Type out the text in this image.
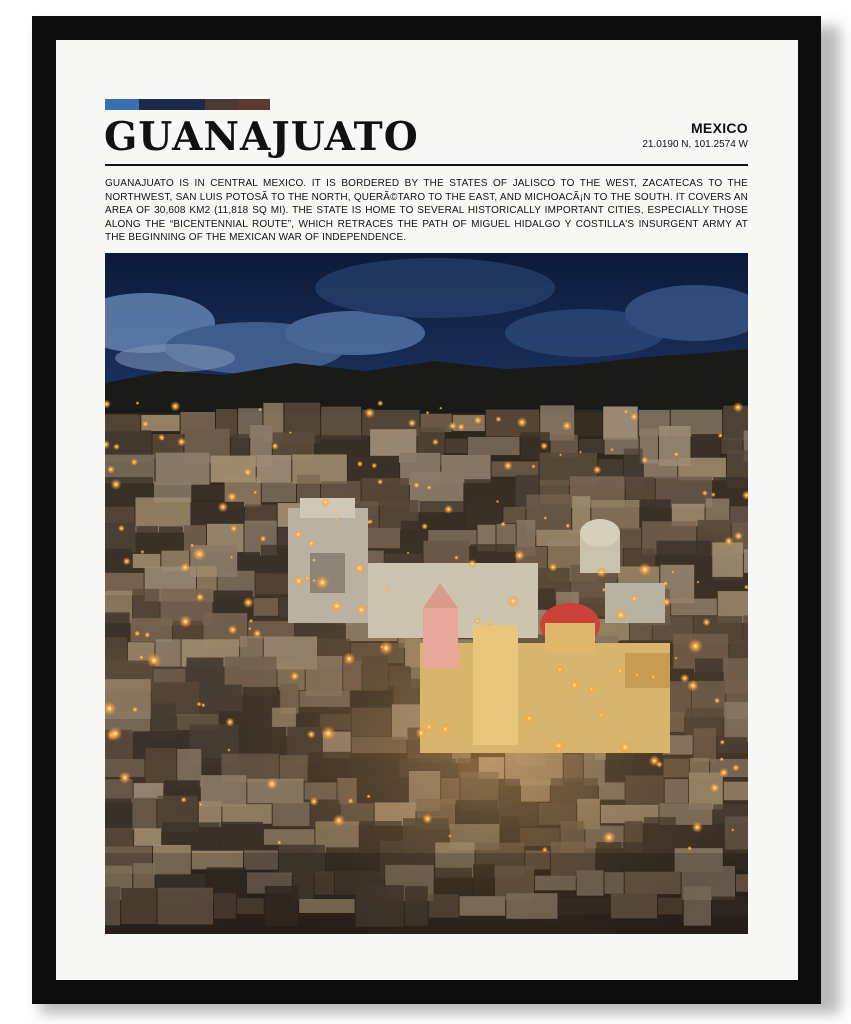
GUANAJUATO	MEXICO
21.0190 N, 101.2574 W

GUANAJUATO IS IN CENTRAL MEXICO. IT IS BORDERED BY THE STATES OF JALISCO TO THE WEST, ZACATECAS TO THE NORTHWEST, SAN LUIS POTOSÃ TO THE NORTH, QUERÃ©TARO TO THE EAST, AND MICHOACÃ¡N TO THE SOUTH. IT COVERS AN AREA OF 30,608 KM2 (11,818 SQ MI). THE STATE IS HOME TO SEVERAL HISTORICALLY IMPORTANT CITIES, ESPECIALLY THOSE ALONG THE “BICENTENNIAL ROUTE”, WHICH RETRACES THE PATH OF MIGUEL HIDALGO Y COSTILLA'S INSURGENT ARMY AT THE BEGINNING OF THE MEXICAN WAR OF INDEPENDENCE.
